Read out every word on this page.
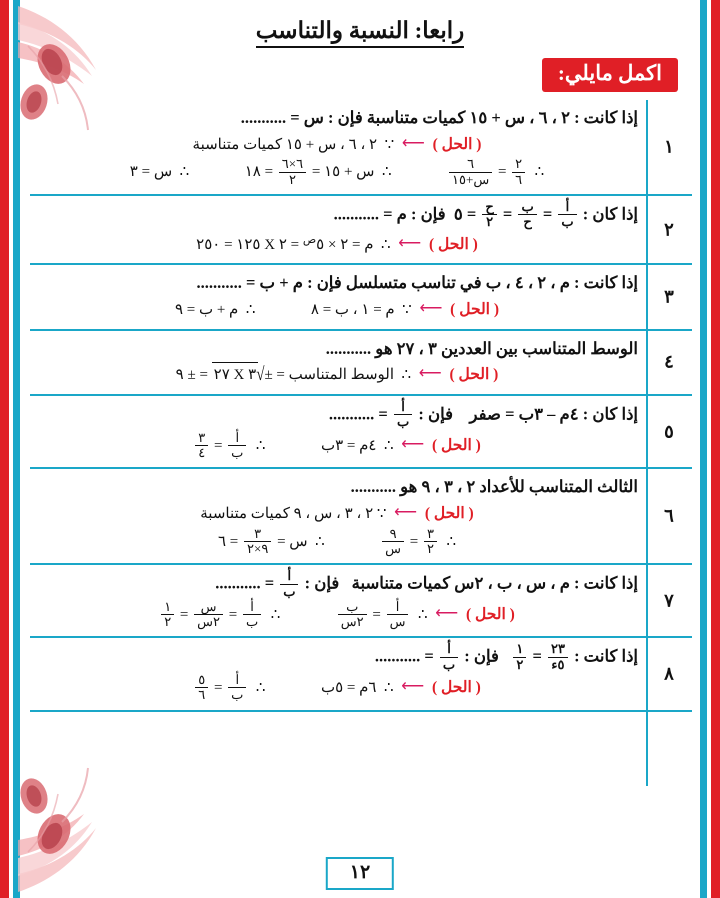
رابعا: النسبة والتناسب
اكمل مايلي:
١
إذا كانت : ٢ ، ٦ ، س + ١٥ كميات متناسبة فإن : س = ...........
( الحل ) ⟵ ∵  ٢ ، ٦ ، س + ١٥ كميات متناسبة
∴
$\frac{٢}{٦}$
=
$\frac{٦}{\text{س+١٥}}$
∴  س + ١٥ =
$\frac{٦\times ٦}{٢}$
= ١٨  ∴  س = ٣
٢
إذا كان :
$\frac{\text{أ}}{\text{ب}}$
=
$\frac{\text{ب}}{\text{ح}}$
=
$\frac{\text{ح}}{٢}$
= ٥  فإن : م = ...........
( الحل ) ⟵ ∴  م = ٢ × $٥^ص$ = ٢ X ١٢٥ = ٢٥٠
٣
إذا كانت : م ، ٢ ، ٤ ، ب في تناسب متسلسل فإن : م + ب = ...........
( الحل ) ⟵ ∵  م = ١ ، ب = ٨  ∴  م + ب = ٩
٤
الوسط المتناسب بين العددين ٣ ، ٢٧ هو ...........
( الحل ) ⟵ ∴  الوسط المتناسب = ±√٣ X ٢٧ = ± ٩
٥
إذا كان : ٤م – ٣ب = صفر    فإن :
$\frac{\text{أ}}{\text{ب}}$
= ...........
( الحل ) ⟵ ∴  ٤م = ٣ب  ∴
$\frac{\text{أ}}{\text{ب}}$
=
$\frac{٣}{٤}$
٦
الثالث المتناسب للأعداد ٢ ، ٣ ، ٩ هو ...........
( الحل ) ⟵ ∵ ٢ ، ٣ ، س ، ٩ كميات متناسبة
∴
$\frac{٣}{٢}$
=
$\frac{٩}{\text{س}}$
∴  س =
$\frac{٣}{٩\times ٢}$
= ٦
٧
إذا كانت : م ، س ، ب ، ٢س كميات متناسبة   فإن :
$\frac{\text{أ}}{\text{ب}}$
= ...........
( الحل ) ⟵ ∴
$\frac{\text{أ}}{\text{س}}$
=
$\frac{\text{ب}}{\text{٢س}}$
∴
$\frac{\text{أ}}{\text{ب}}$
=
$\frac{\text{س}}{\text{٢س}}$
=
$\frac{١}{٢}$
٨
إذا كانت :
$\frac{٢٣}{\text{٥ء}}$
=
$\frac{١}{٢}$
فإن :
$\frac{\text{أ}}{\text{ب}}$
= ...........
( الحل ) ⟵ ∴  ٦م = ٥ب  ∴
$\frac{\text{أ}}{\text{ب}}$
=
$\frac{٥}{٦}$
١٢
